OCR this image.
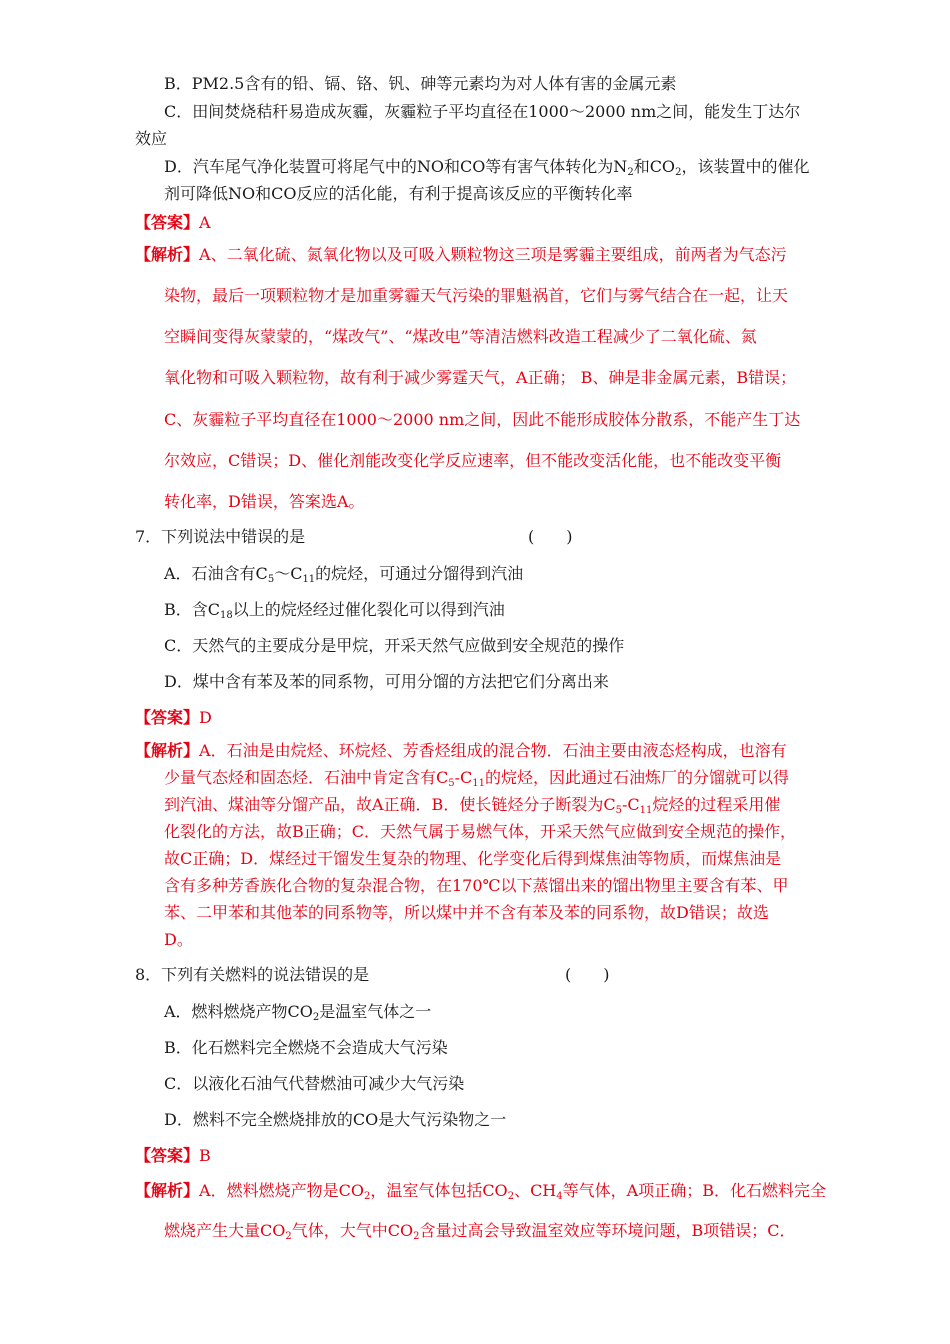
B．PM2.5含有的铅、镉、铬、钒、砷等元素均为对人体有害的金属元素
C．田间焚烧秸秆易造成灰霾，灰霾粒子平均直径在1000～2000 nm之间，能发生丁达尔
效应
D．汽车尾气净化装置可将尾气中的NO和CO等有害气体转化为$N_2$和$CO_2$，该装置中的催化
剂可降低NO和CO反应的活化能，有利于提高该反应的平衡转化率
【答案】A
【解析】A、二氧化硫、氮氧化物以及可吸入颗粒物这三项是雾霾主要组成，前两者为气态污
染物，最后一项颗粒物才是加重雾霾天气污染的罪魁祸首，它们与雾气结合在一起，让天
空瞬间变得灰蒙蒙的，“煤改气”、“煤改电”等清洁燃料改造工程减少了二氧化硫、氮
氧化物和可吸入颗粒物，故有利于减少雾霆天气，A正确； B、砷是非金属元素，B错误；
C、灰霾粒子平均直径在1000～2000 nm之间，因此不能形成胶体分散系，不能产生丁达
尔效应，C错误；D、催化剂能改变化学反应速率，但不能改变活化能，也不能改变平衡
转化率，D错误，答案选A。
7．下列说法中错误的是	(　　)
A．石油含有$C_5\sim C_{11}$的烷烃，可通过分馏得到汽油
B．含$C_{18}$以上的烷烃经过催化裂化可以得到汽油
C．天然气的主要成分是甲烷，开采天然气应做到安全规范的操作
D．煤中含有苯及苯的同系物，可用分馏的方法把它们分离出来
【答案】D
【解析】A．石油是由烷烃、环烷烃、芳香烃组成的混合物．石油主要由液态烃构成，也溶有
少量气态烃和固态烃．石油中肯定含有$C_5-C_{11}$的烷烃，因此通过石油炼厂的分馏就可以得
到汽油、煤油等分馏产品，故A正确．B．使长链烃分子断裂为$C_5-C_{11}$烷烃的过程采用催
化裂化的方法，故B正确；C．天然气属于易燃气体，开采天然气应做到安全规范的操作，
故C正确；D．煤经过干馏发生复杂的物理、化学变化后得到煤焦油等物质，而煤焦油是
含有多种芳香族化合物的复杂混合物，在170℃以下蒸馏出来的馏出物里主要含有苯、甲
苯、二甲苯和其他苯的同系物等，所以煤中并不含有苯及苯的同系物，故D错误；故选
D。
8．下列有关燃料的说法错误的是	(　　)
A．燃料燃烧产物$CO_2$是温室气体之一
B．化石燃料完全燃烧不会造成大气污染
C．以液化石油气代替燃油可减少大气污染
D．燃料不完全燃烧排放的CO是大气污染物之一
【答案】B
【解析】A．燃料燃烧产物是$CO_2$，温室气体包括$CO_2$、$CH_4$等气体，A项正确；B．化石燃料完全
燃烧产生大量$CO_2$气体，大气中$CO_2$含量过高会导致温室效应等环境问题，B项错误；C．
